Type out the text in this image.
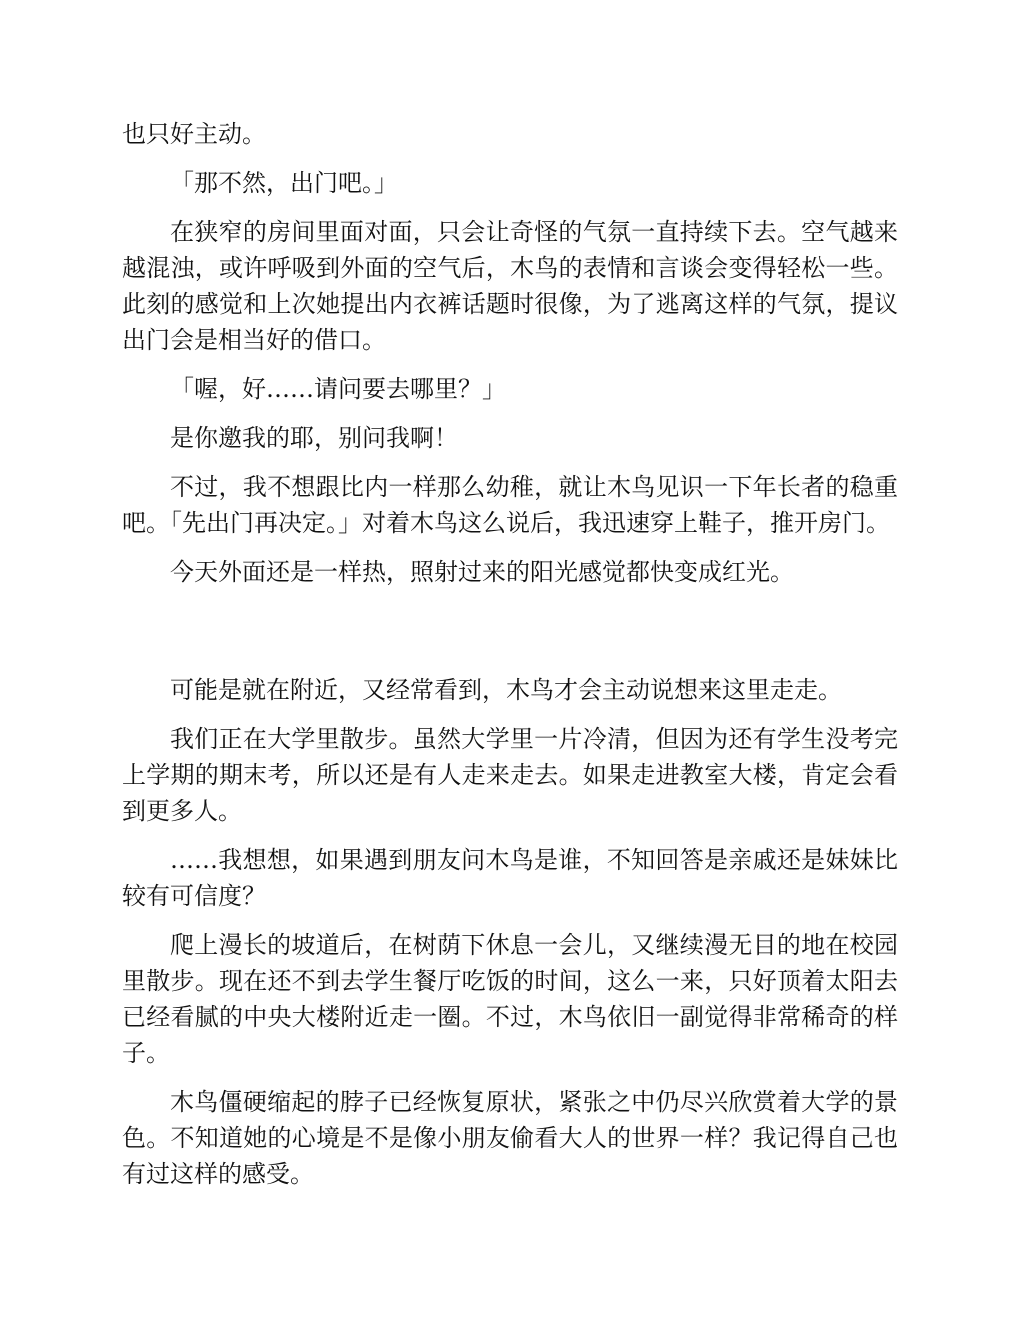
也只好主动。

「那不然，出门吧。」

在狭窄的房间里面对面，只会让奇怪的气氛一直持续下去。空气越来越混浊，或许呼吸到外面的空气后，木鸟的表情和言谈会变得轻松一些。此刻的感觉和上次她提出内衣裤话题时很像，为了逃离这样的气氛，提议出门会是相当好的借口。

「喔，好……请问要去哪里？」

是你邀我的耶，别问我啊！

不过，我不想跟比内一样那么幼稚，就让木鸟见识一下年长者的稳重吧。「先出门再决定。」对着木鸟这么说后，我迅速穿上鞋子，推开房门。

今天外面还是一样热，照射过来的阳光感觉都快变成红光。

可能是就在附近，又经常看到，木鸟才会主动说想来这里走走。

我们正在大学里散步。虽然大学里一片冷清，但因为还有学生没考完上学期的期末考，所以还是有人走来走去。如果走进教室大楼，肯定会看到更多人。

……我想想，如果遇到朋友问木鸟是谁，不知回答是亲戚还是妹妹比较有可信度？

爬上漫长的坡道后，在树荫下休息一会儿，又继续漫无目的地在校园里散步。现在还不到去学生餐厅吃饭的时间，这么一来，只好顶着太阳去已经看腻的中央大楼附近走一圈。不过，木鸟依旧一副觉得非常稀奇的样子。

木鸟僵硬缩起的脖子已经恢复原状，紧张之中仍尽兴欣赏着大学的景色。不知道她的心境是不是像小朋友偷看大人的世界一样？我记得自己也有过这样的感受。
